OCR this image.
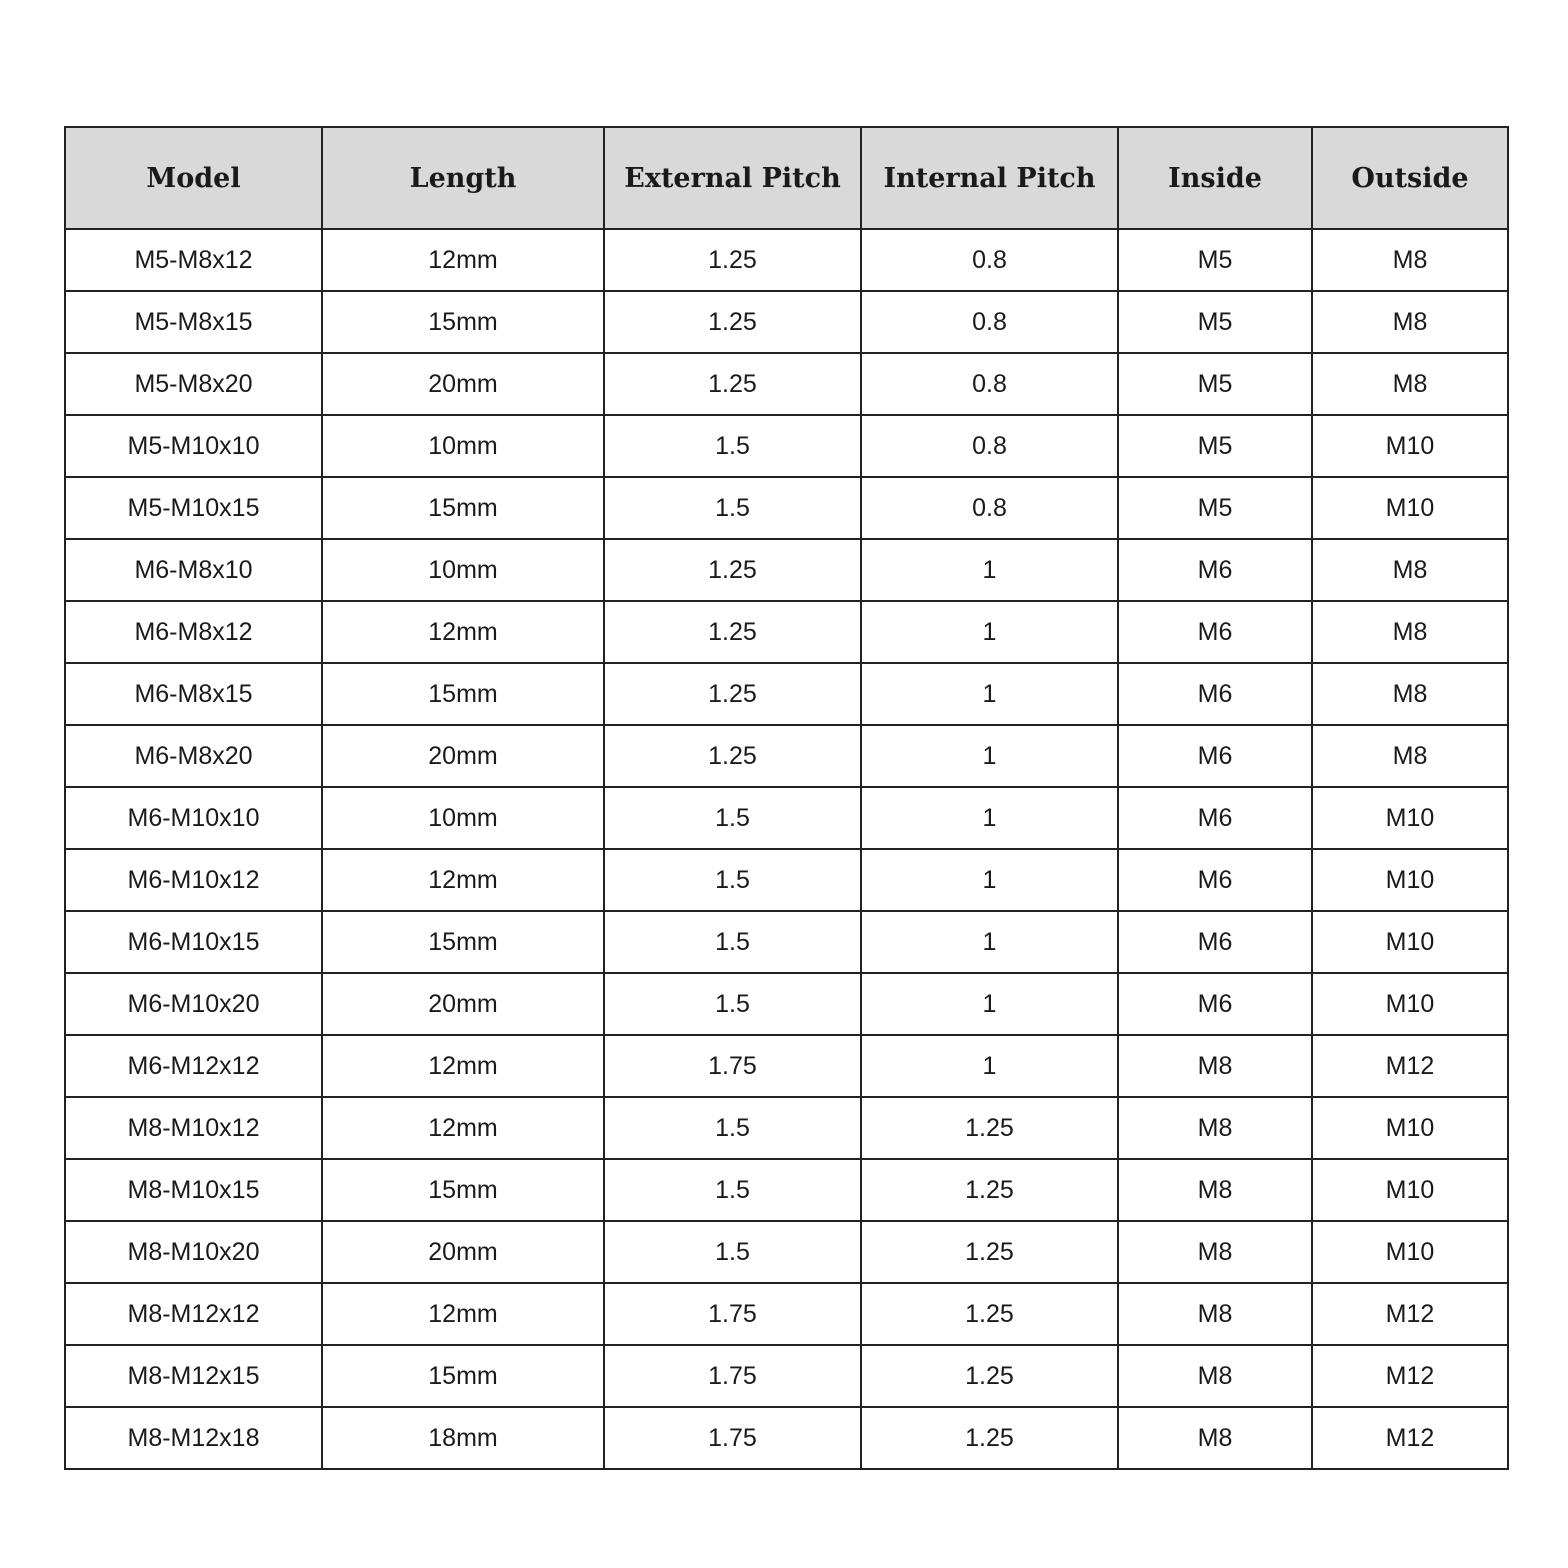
Model	Length	External Pitch	Internal Pitch	Inside	Outside
M5-M8x12	12mm	1.25	0.8	M5	M8
M5-M8x15	15mm	1.25	0.8	M5	M8
M5-M8x20	20mm	1.25	0.8	M5	M8
M5-M10x10	10mm	1.5	0.8	M5	M10
M5-M10x15	15mm	1.5	0.8	M5	M10
M6-M8x10	10mm	1.25	1	M6	M8
M6-M8x12	12mm	1.25	1	M6	M8
M6-M8x15	15mm	1.25	1	M6	M8
M6-M8x20	20mm	1.25	1	M6	M8
M6-M10x10	10mm	1.5	1	M6	M10
M6-M10x12	12mm	1.5	1	M6	M10
M6-M10x15	15mm	1.5	1	M6	M10
M6-M10x20	20mm	1.5	1	M6	M10
M6-M12x12	12mm	1.75	1	M8	M12
M8-M10x12	12mm	1.5	1.25	M8	M10
M8-M10x15	15mm	1.5	1.25	M8	M10
M8-M10x20	20mm	1.5	1.25	M8	M10
M8-M12x12	12mm	1.75	1.25	M8	M12
M8-M12x15	15mm	1.75	1.25	M8	M12
M8-M12x18	18mm	1.75	1.25	M8	M12
